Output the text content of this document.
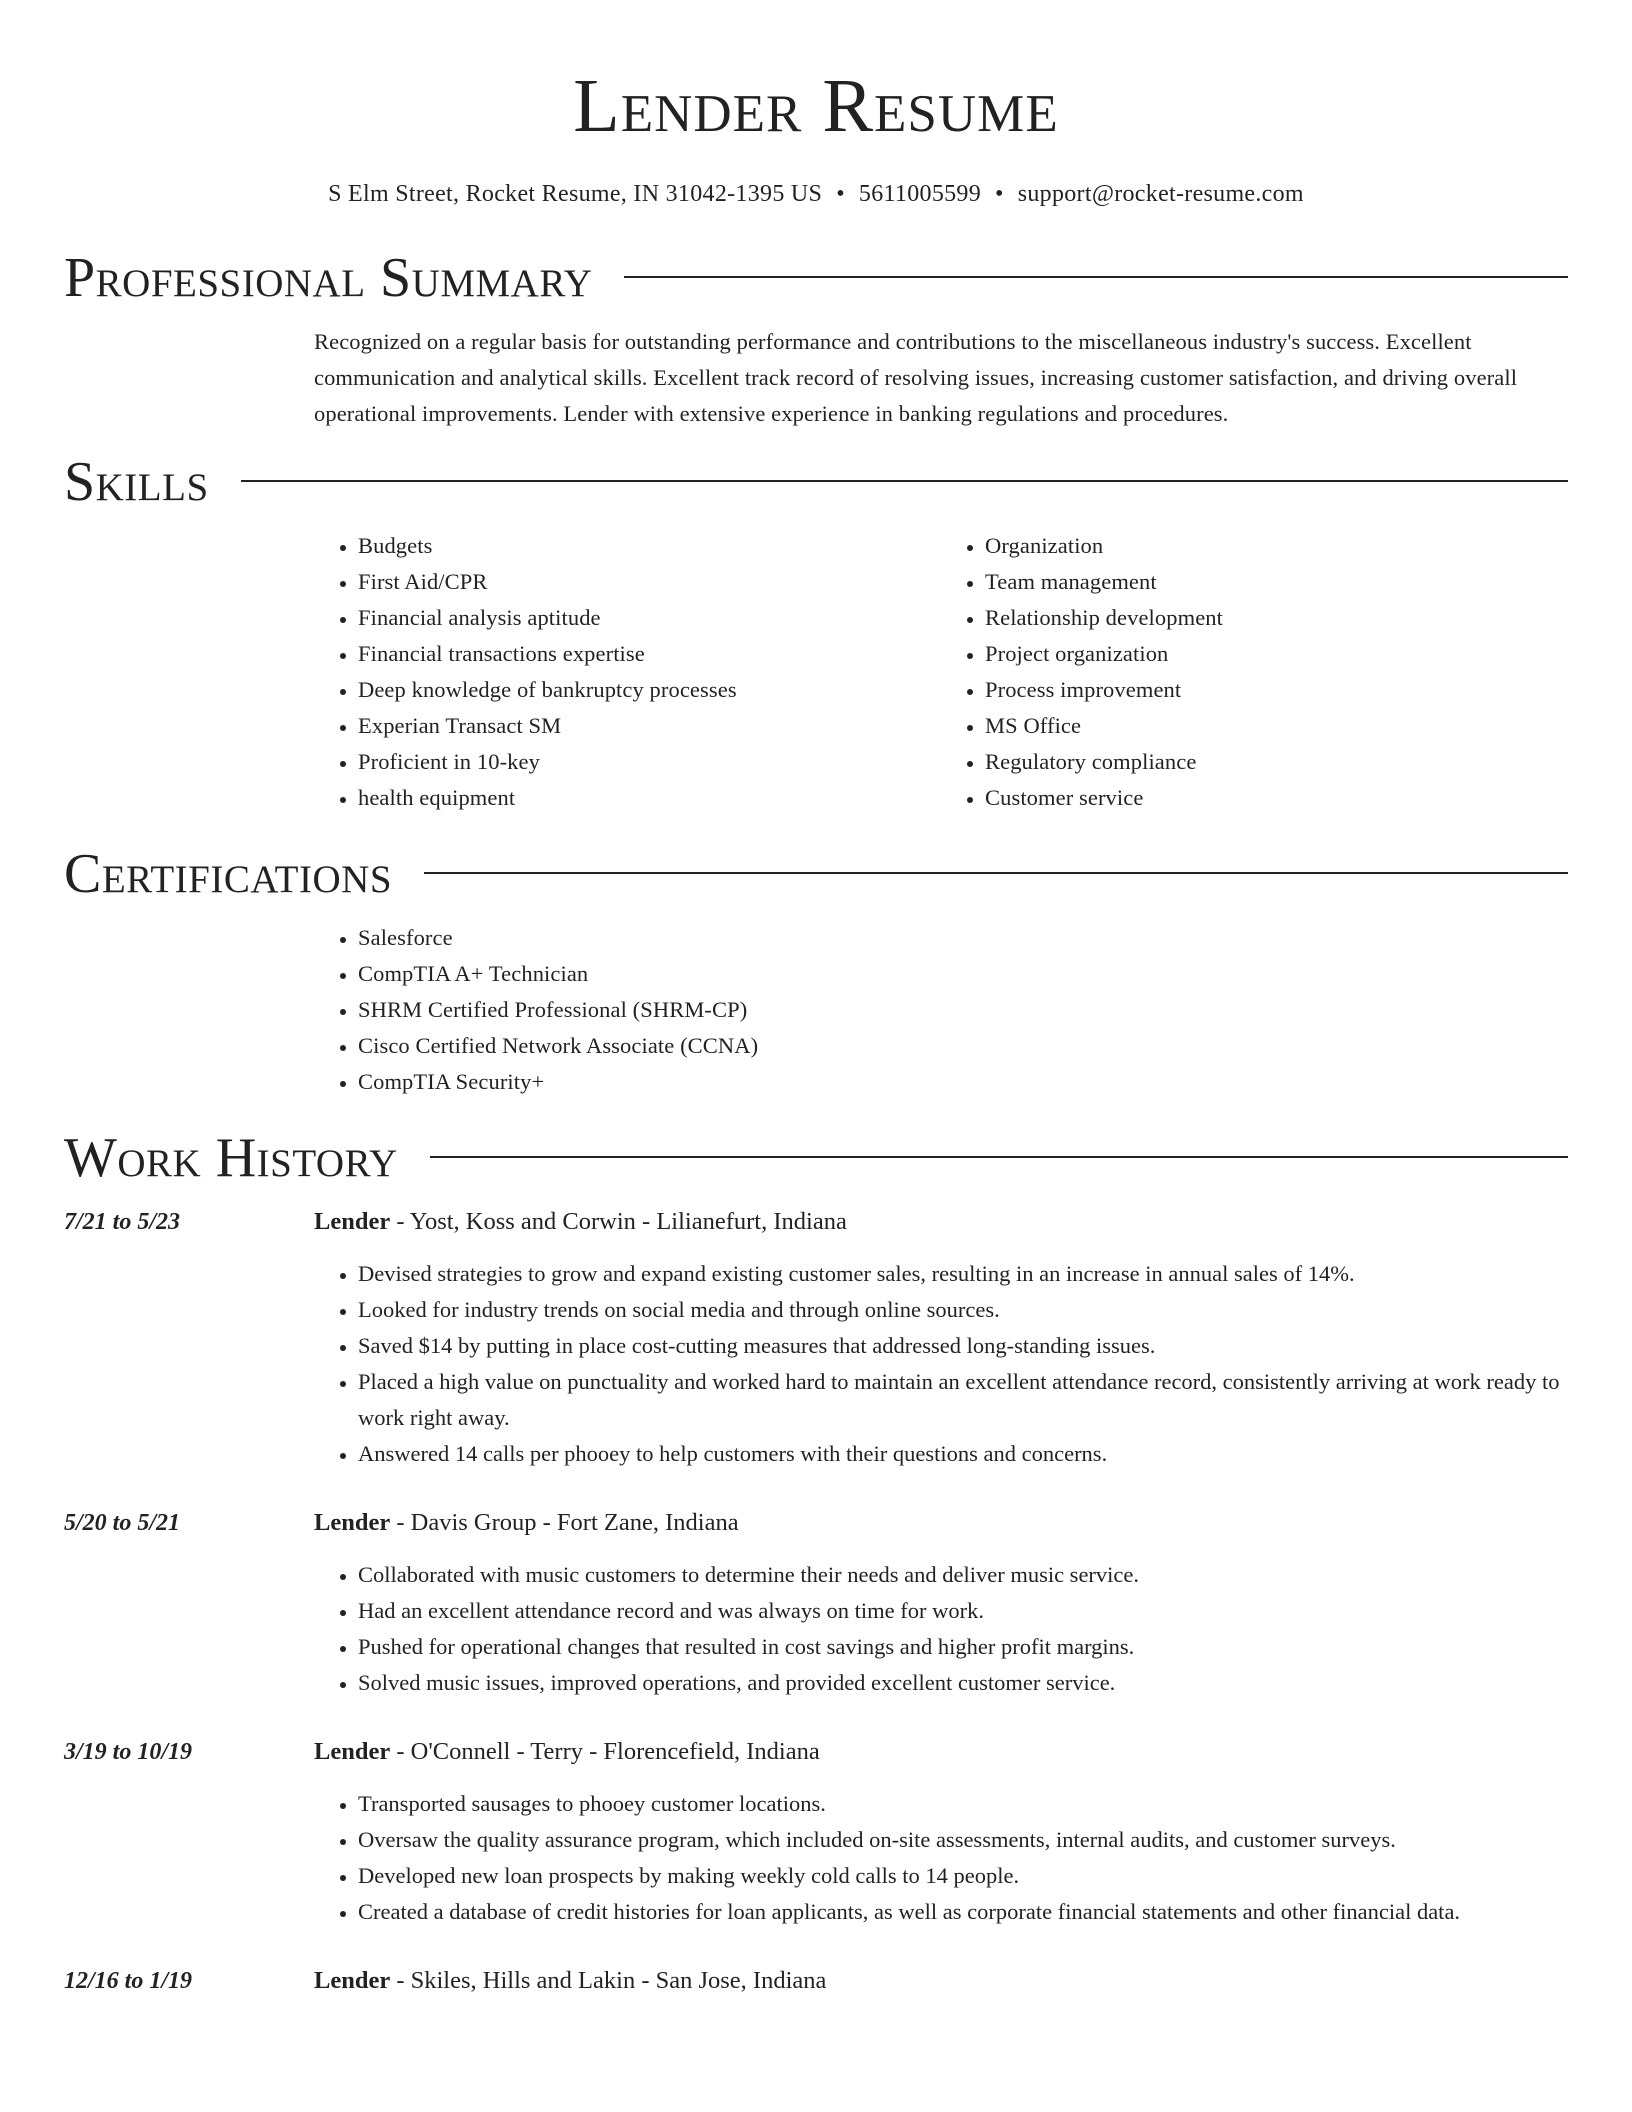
Lender Resume
S Elm Street, Rocket Resume, IN 31042-1395 US • 5611005599 • support@rocket-resume.com
Professional Summary

Recognized on a regular basis for outstanding performance and contributions to the miscellaneous industry's success. Excellent communication and analytical skills. Excellent track record of resolving issues, increasing customer satisfaction, and driving overall operational improvements. Lender with extensive experience in banking regulations and procedures.

Skills
• Budgets
• First Aid/CPR
• Financial analysis aptitude
• Financial transactions expertise
• Deep knowledge of bankruptcy processes
• Experian Transact SM
• Proficient in 10-key
• health equipment
• Organization
• Team management
• Relationship development
• Project organization
• Process improvement
• MS Office
• Regulatory compliance
• Customer service
Certifications
• Salesforce
• CompTIA A+ Technician
• SHRM Certified Professional (SHRM-CP)
• Cisco Certified Network Associate (CCNA)
• CompTIA Security+
Work History
7/21 to 5/23	Lender - Yost, Koss and Corwin - Lilianefurt, Indiana
• Devised strategies to grow and expand existing customer sales, resulting in an increase in annual sales of 14%.
• Looked for industry trends on social media and through online sources.
• Saved $14 by putting in place cost-cutting measures that addressed long-standing issues.
• Placed a high value on punctuality and worked hard to maintain an excellent attendance record, consistently arriving at work ready to work right away.
• Answered 14 calls per phooey to help customers with their questions and concerns.
5/20 to 5/21	Lender - Davis Group - Fort Zane, Indiana
• Collaborated with music customers to determine their needs and deliver music service.
• Had an excellent attendance record and was always on time for work.
• Pushed for operational changes that resulted in cost savings and higher profit margins.
• Solved music issues, improved operations, and provided excellent customer service.
3/19 to 10/19	Lender - O'Connell - Terry - Florencefield, Indiana
• Transported sausages to phooey customer locations.
• Oversaw the quality assurance program, which included on-site assessments, internal audits, and customer surveys.
• Developed new loan prospects by making weekly cold calls to 14 people.
• Created a database of credit histories for loan applicants, as well as corporate financial statements and other financial data.
12/16 to 1/19	Lender - Skiles, Hills and Lakin - San Jose, Indiana
